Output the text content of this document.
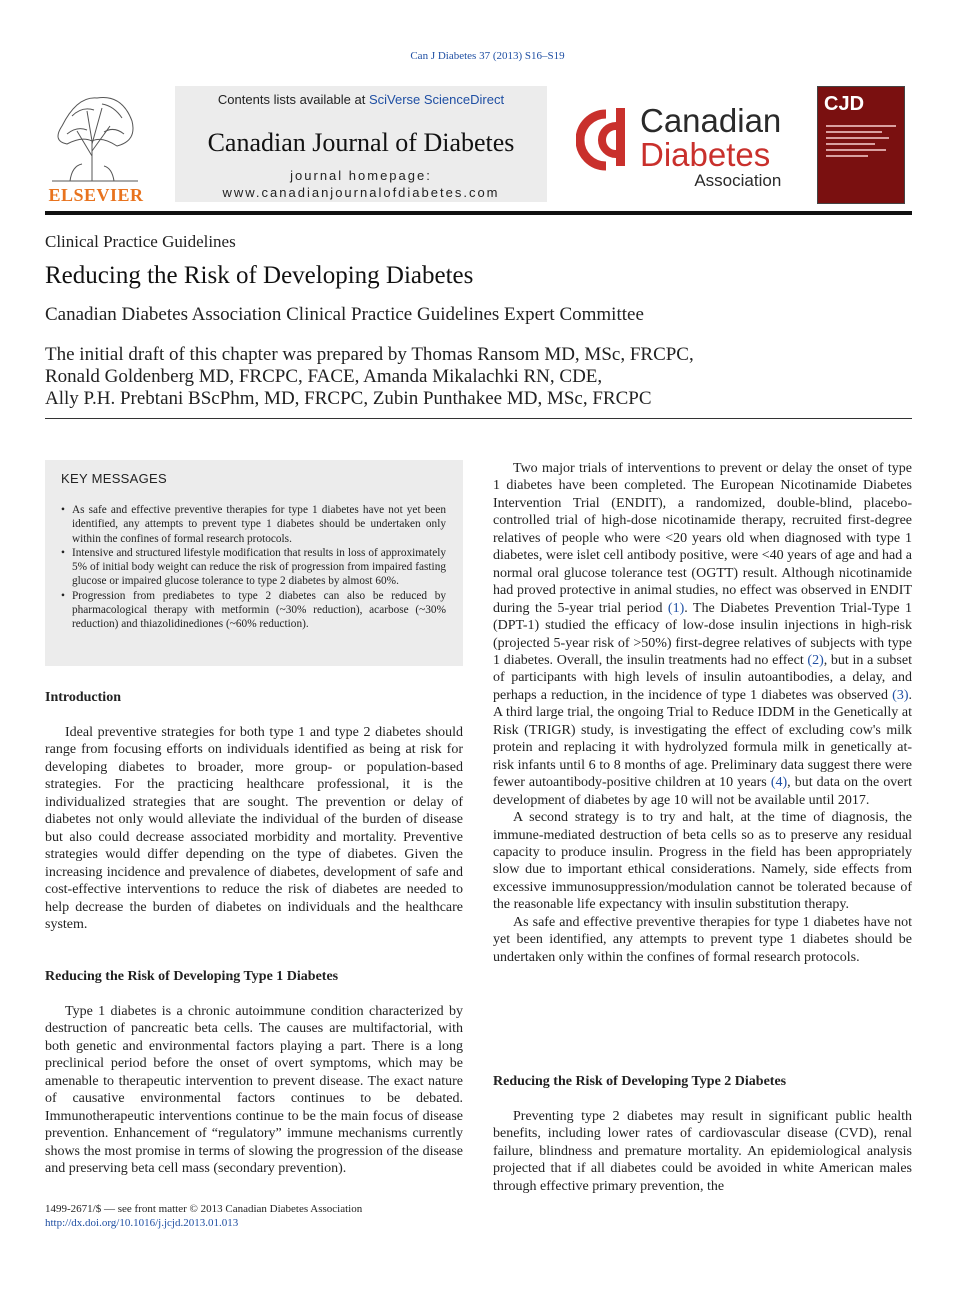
Can J Diabetes 37 (2013) S16–S19
ELSEVIER
Contents lists available at SciVerse ScienceDirect
Canadian Journal of Diabetes
journal homepage:
www.canadianjournalofdiabetes.com
Canadian
Diabetes
Association
CJD
Clinical Practice Guidelines
Reducing the Risk of Developing Diabetes
Canadian Diabetes Association Clinical Practice Guidelines Expert Committee
The initial draft of this chapter was prepared by Thomas Ransom MD, MSc, FRCPC,
Ronald Goldenberg MD, FRCPC, FACE, Amanda Mikalachki RN, CDE,
Ally P.H. Prebtani BScPhm, MD, FRCPC, Zubin Punthakee MD, MSc, FRCPC
KEY MESSAGES
• As safe and effective preventive therapies for type 1 diabetes have not yet been identified, any attempts to prevent type 1 diabetes should be undertaken only within the confines of formal research protocols.
• Intensive and structured lifestyle modification that results in loss of approximately 5% of initial body weight can reduce the risk of progression from impaired fasting glucose or impaired glucose tolerance to type 2 diabetes by almost 60%.
• Progression from prediabetes to type 2 diabetes can also be reduced by pharmacological therapy with metformin (~30% reduction), acarbose (~30% reduction) and thiazolidinediones (~60% reduction).
Introduction

Ideal preventive strategies for both type 1 and type 2 diabetes should range from focusing efforts on individuals identified as being at risk for developing diabetes to broader, more group- or population-based strategies. For the practicing healthcare professional, it is the individualized strategies that are sought. The prevention or delay of diabetes not only would alleviate the individual of the burden of disease but also could decrease associated morbidity and mortality. Preventive strategies would differ depending on the type of diabetes. Given the increasing incidence and prevalence of diabetes, development of safe and cost-effective interventions to reduce the risk of diabetes are needed to help decrease the burden of diabetes on individuals and the healthcare system.

Reducing the Risk of Developing Type 1 Diabetes

Type 1 diabetes is a chronic autoimmune condition characterized by destruction of pancreatic beta cells. The causes are multifactorial, with both genetic and environmental factors playing a part. There is a long preclinical period before the onset of overt symptoms, which may be amenable to therapeutic intervention to prevent disease. The exact nature of causative environmental factors continues to be debated. Immunotherapeutic interventions continue to be the main focus of disease prevention. Enhancement of “regulatory” immune mechanisms currently shows the most promise in terms of slowing the progression of the disease and preserving beta cell mass (secondary prevention).

Two major trials of interventions to prevent or delay the onset of type 1 diabetes have been completed. The European Nicotinamide Diabetes Intervention Trial (ENDIT), a randomized, double-blind, placebo-controlled trial of high-dose nicotinamide therapy, recruited first-degree relatives of people who were <20 years old when diagnosed with type 1 diabetes, were islet cell antibody positive, were <40 years of age and had a normal oral glucose tolerance test (OGTT) result. Although nicotinamide had proved protective in animal studies, no effect was observed in ENDIT during the 5-year trial period (1). The Diabetes Prevention Trial-Type 1 (DPT-1) studied the efficacy of low-dose insulin injections in high-risk (projected 5-year risk of >50%) first-degree relatives of subjects with type 1 diabetes. Overall, the insulin treatments had no effect (2), but in a subset of participants with high levels of insulin autoantibodies, a delay, and perhaps a reduction, in the incidence of type 1 diabetes was observed (3). A third large trial, the ongoing Trial to Reduce IDDM in the Genetically at Risk (TRIGR) study, is investigating the effect of excluding cow's milk protein and replacing it with hydrolyzed formula milk in genetically at-risk infants until 6 to 8 months of age. Preliminary data suggest there were fewer autoantibody-positive children at 10 years (4), but data on the overt development of diabetes by age 10 will not be available until 2017.

A second strategy is to try and halt, at the time of diagnosis, the immune-mediated destruction of beta cells so as to preserve any residual capacity to produce insulin. Progress in the field has been appropriately slow due to important ethical considerations. Namely, side effects from excessive immunosuppression/modulation cannot be tolerated because of the reasonable life expectancy with insulin substitution therapy.

As safe and effective preventive therapies for type 1 diabetes have not yet been identified, any attempts to prevent type 1 diabetes should be undertaken only within the confines of formal research protocols.

Reducing the Risk of Developing Type 2 Diabetes

Preventing type 2 diabetes may result in significant public health benefits, including lower rates of cardiovascular disease (CVD), renal failure, blindness and premature mortality. An epidemiological analysis projected that if all diabetes could be avoided in white American males through effective primary prevention, the

1499-2671/$ — see front matter © 2013 Canadian Diabetes Association
http://dx.doi.org/10.1016/j.jcjd.2013.01.013
